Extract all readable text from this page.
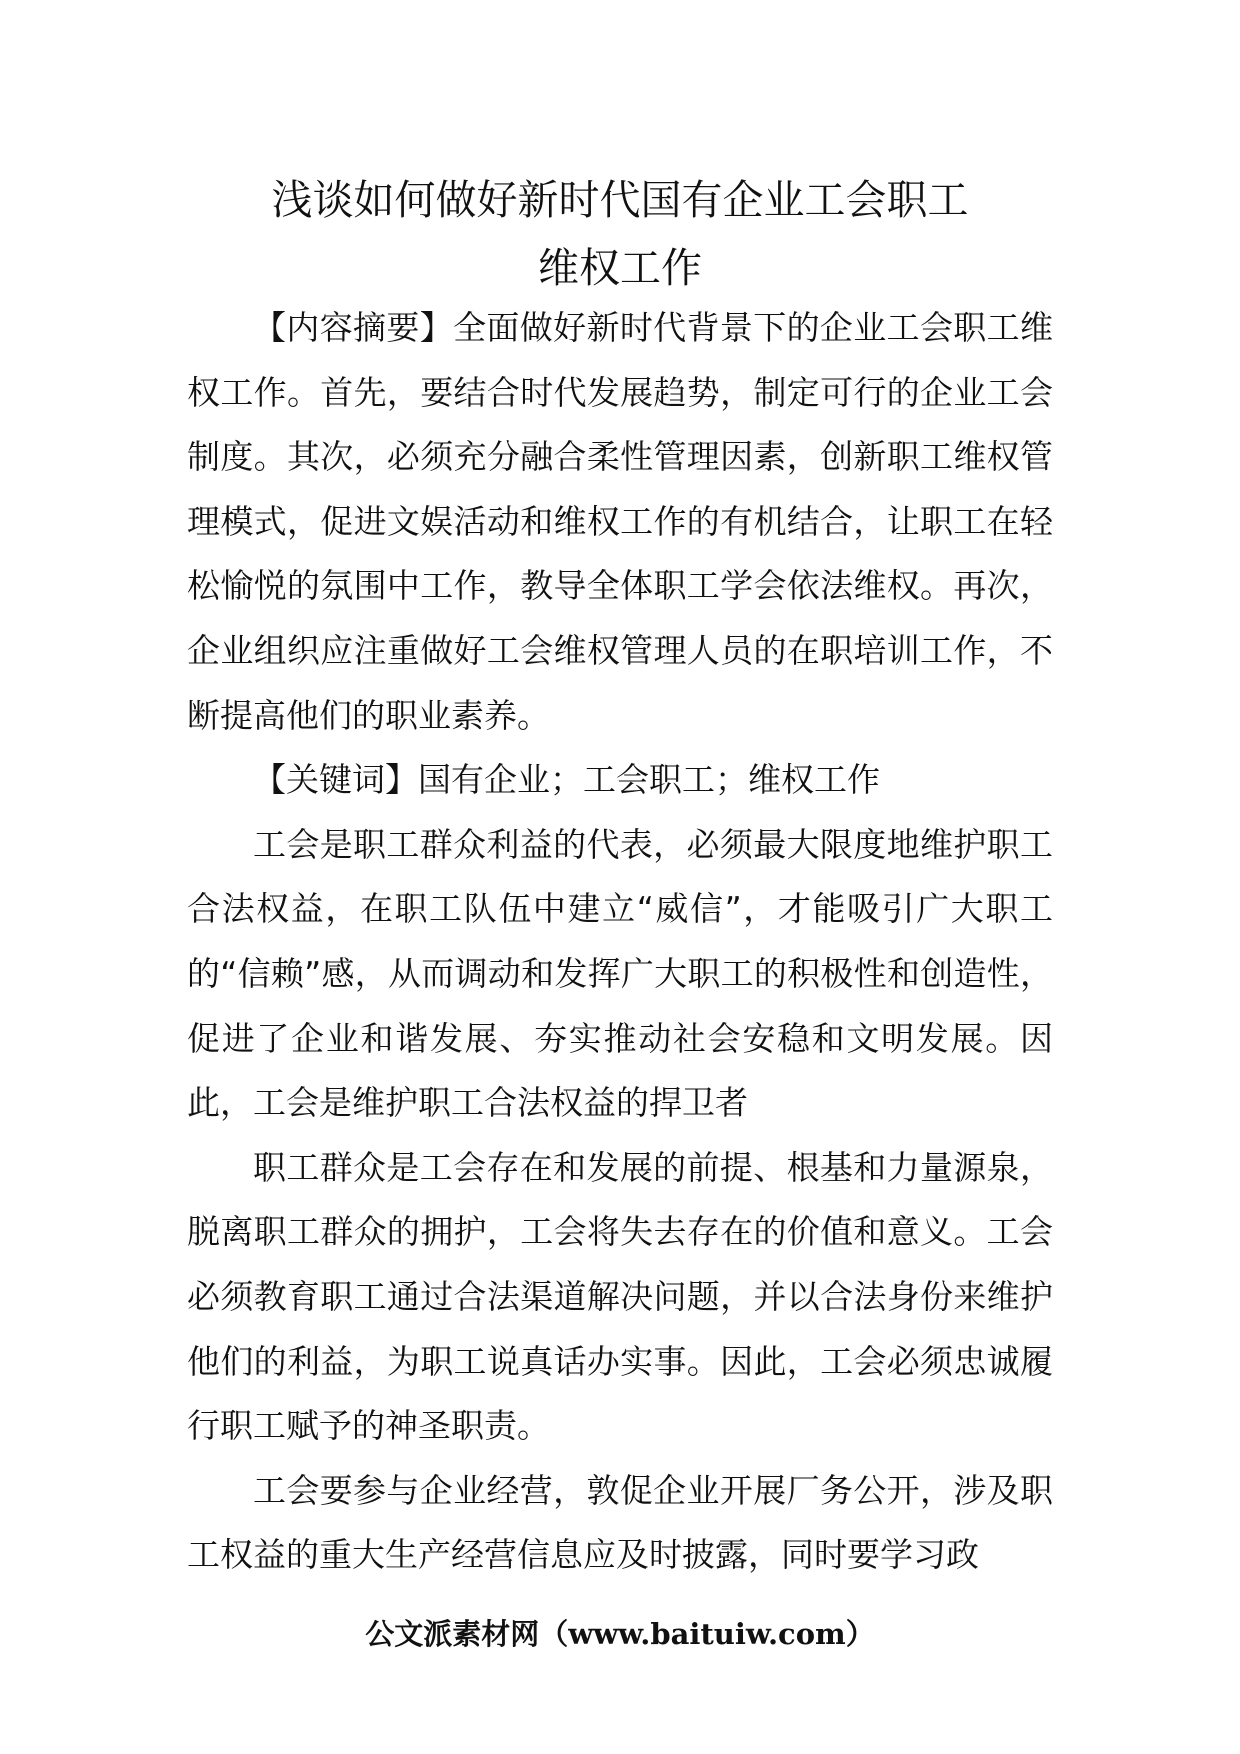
浅谈如何做好新时代国有企业工会职工
维权工作

【内容摘要】全面做好新时代背景下的企业工会职工维权工作。首先，要结合时代发展趋势，制定可行的企业工会制度。其次，必须充分融合柔性管理因素，创新职工维权管理模式，促进文娱活动和维权工作的有机结合，让职工在轻松愉悦的氛围中工作，教导全体职工学会依法维权。再次，企业组织应注重做好工会维权管理人员的在职培训工作，不断提高他们的职业素养。

【关键词】国有企业；工会职工；维权工作

工会是职工群众利益的代表，必须最大限度地维护职工合法权益，在职工队伍中建立“威信”，才能吸引广大职工的“信赖”感，从而调动和发挥广大职工的积极性和创造性，促进了企业和谐发展、夯实推动社会安稳和文明发展。因此，工会是维护职工合法权益的捍卫者

职工群众是工会存在和发展的前提、根基和力量源泉，脱离职工群众的拥护，工会将失去存在的价值和意义。工会必须教育职工通过合法渠道解决问题，并以合法身份来维护他们的利益，为职工说真话办实事。因此，工会必须忠诚履行职工赋予的神圣职责。

工会要参与企业经营，敦促企业开展厂务公开，涉及职工权益的重大生产经营信息应及时披露，同时要学习政

公文派素材网（www.baituiw.com）
